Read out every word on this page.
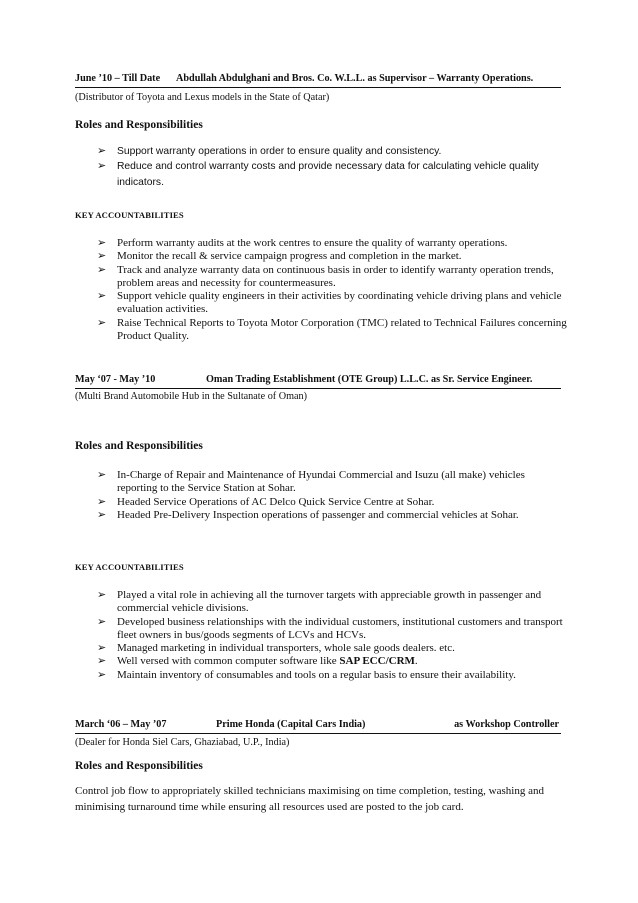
June ’10 – Till Date Abdullah Abdulghani and Bros. Co. W.L.L. as Supervisor – Warranty Operations.
(Distributor of Toyota and Lexus models in the State of Qatar)
Roles and Responsibilities
➢ Support warranty operations in order to ensure quality and consistency.
➢ Reduce and control warranty costs and provide necessary data for calculating vehicle quality indicators.
KEY ACCOUNTABILITIES
➢ Perform warranty audits at the work centres to ensure the quality of warranty operations.
➢ Monitor the recall & service campaign progress and completion in the market.
➢ Track and analyze warranty data on continuous basis in order to identify warranty operation trends, problem areas and necessity for countermeasures.
➢ Support vehicle quality engineers in their activities by coordinating vehicle driving plans and vehicle evaluation activities.
➢ Raise Technical Reports to Toyota Motor Corporation (TMC) related to Technical Failures concerning Product Quality.
May ‘07 - May ’10	Oman Trading Establishment (OTE Group) L.L.C. as Sr. Service Engineer.
(Multi Brand Automobile Hub in the Sultanate of Oman)
Roles and Responsibilities
➢ In-Charge of Repair and Maintenance of Hyundai Commercial and Isuzu (all make) vehicles reporting to the Service Station at Sohar.
➢ Headed Service Operations of AC Delco Quick Service Centre at Sohar.
➢ Headed Pre-Delivery Inspection operations of passenger and commercial vehicles at Sohar.
KEY ACCOUNTABILITIES
➢ Played a vital role in achieving all the turnover targets with appreciable growth in passenger and commercial vehicle divisions.
➢ Developed business relationships with the individual customers, institutional customers and transport fleet owners in bus/goods segments of LCVs and HCVs.
➢ Managed marketing in individual transporters, whole sale goods dealers. etc.
➢ Well versed with common computer software like SAP ECC/CRM.
➢ Maintain inventory of consumables and tools on a regular basis to ensure their availability.
March ‘06 – May ’07	Prime Honda (Capital Cars India)	as Workshop Controller
(Dealer for Honda Siel Cars, Ghaziabad, U.P., India)
Roles and Responsibilities
Control job flow to appropriately skilled technicians maximising on time completion, testing, washing and minimising turnaround time while ensuring all resources used are posted to the job card.
